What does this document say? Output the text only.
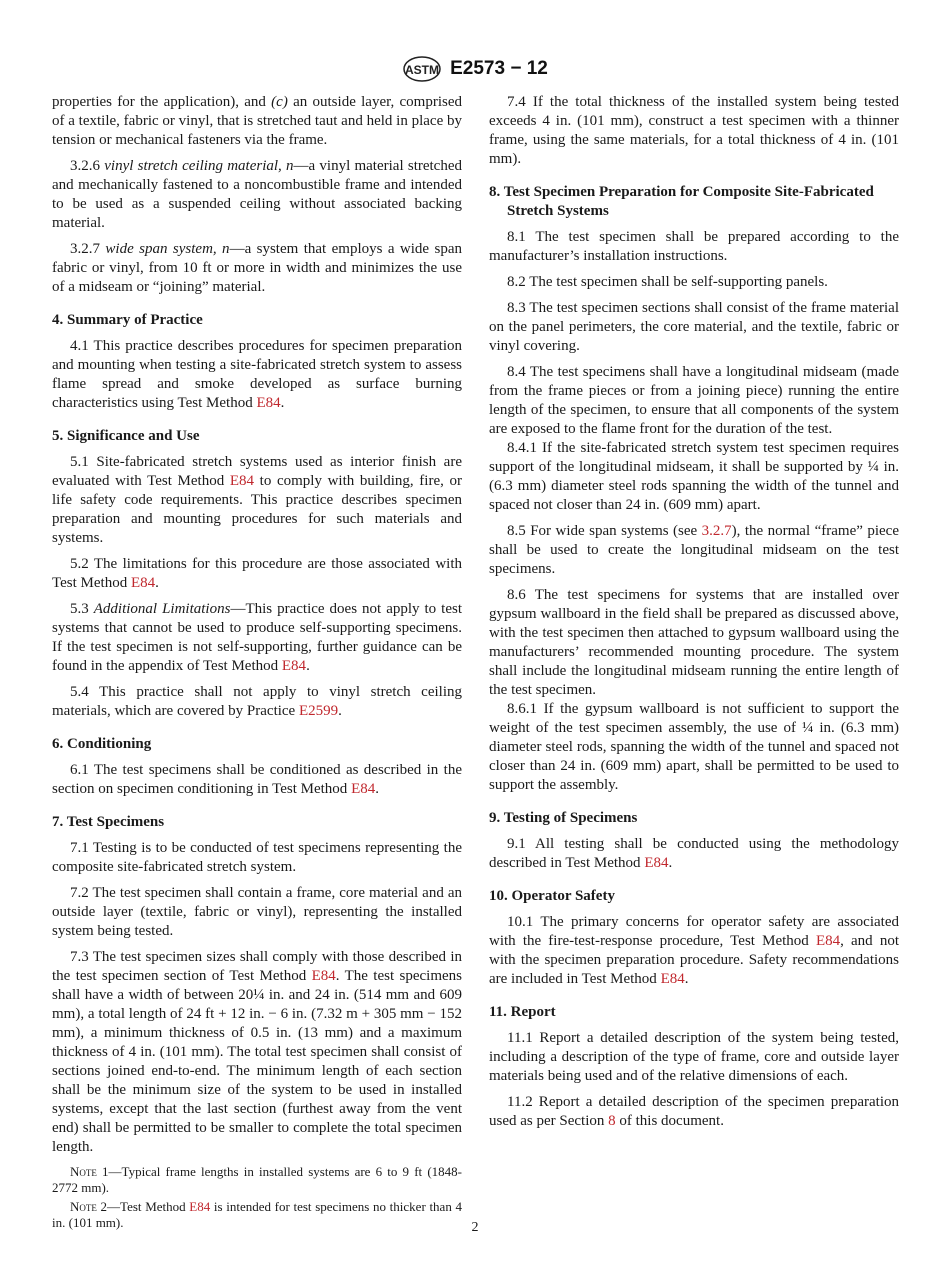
ASTM E2573 − 12

properties for the application), and (c) an outside layer, comprised of a textile, fabric or vinyl, that is stretched taut and held in place by tension or mechanical fasteners via the frame.

3.2.6 vinyl stretch ceiling material, n—a vinyl material stretched and mechanically fastened to a noncombustible frame and intended to be used as a suspended ceiling without associated backing material.

3.2.7 wide span system, n—a system that employs a wide span fabric or vinyl, from 10 ft or more in width and minimizes the use of a midseam or “joining” material.

4. Summary of Practice

4.1 This practice describes procedures for specimen preparation and mounting when testing a site-fabricated stretch system to assess flame spread and smoke developed as surface burning characteristics using Test Method E84.

5. Significance and Use

5.1 Site-fabricated stretch systems used as interior finish are evaluated with Test Method E84 to comply with building, fire, or life safety code requirements. This practice describes specimen preparation and mounting procedures for such materials and systems.

5.2 The limitations for this procedure are those associated with Test Method E84.

5.3 Additional Limitations—This practice does not apply to test systems that cannot be used to produce self-supporting specimens. If the test specimen is not self-supporting, further guidance can be found in the appendix of Test Method E84.

5.4 This practice shall not apply to vinyl stretch ceiling materials, which are covered by Practice E2599.

6. Conditioning

6.1 The test specimens shall be conditioned as described in the section on specimen conditioning in Test Method E84.

7. Test Specimens

7.1 Testing is to be conducted of test specimens representing the composite site-fabricated stretch system.

7.2 The test specimen shall contain a frame, core material and an outside layer (textile, fabric or vinyl), representing the installed system being tested.

7.3 The test specimen sizes shall comply with those described in the test specimen section of Test Method E84. The test specimens shall have a width of between 20¼ in. and 24 in. (514 mm and 609 mm), a total length of 24 ft + 12 in. − 6 in. (7.32 m + 305 mm − 152 mm), a minimum thickness of 0.5 in. (13 mm) and a maximum thickness of 4 in. (101 mm). The total test specimen shall consist of sections joined end-to-end. The minimum length of each section shall be the minimum size of the system to be used in installed systems, except that the last section (furthest away from the vent end) shall be permitted to be smaller to complete the total specimen length.

Note 1—Typical frame lengths in installed systems are 6 to 9 ft (1848-2772 mm).

Note 2—Test Method E84 is intended for test specimens no thicker than 4 in. (101 mm).

7.4 If the total thickness of the installed system being tested exceeds 4 in. (101 mm), construct a test specimen with a thinner frame, using the same materials, for a total thickness of 4 in. (101 mm).

8. Test Specimen Preparation for Composite Site-Fabricated Stretch Systems

8.1 The test specimen shall be prepared according to the manufacturer’s installation instructions.

8.2 The test specimen shall be self-supporting panels.

8.3 The test specimen sections shall consist of the frame material on the panel perimeters, the core material, and the textile, fabric or vinyl covering.

8.4 The test specimens shall have a longitudinal midseam (made from the frame pieces or from a joining piece) running the entire length of the specimen, to ensure that all components of the system are exposed to the flame front for the duration of the test.

8.4.1 If the site-fabricated stretch system test specimen requires support of the longitudinal midseam, it shall be supported by ¼ in. (6.3 mm) diameter steel rods spanning the width of the tunnel and spaced not closer than 24 in. (609 mm) apart.

8.5 For wide span systems (see 3.2.7), the normal “frame” piece shall be used to create the longitudinal midseam on the test specimens.

8.6 The test specimens for systems that are installed over gypsum wallboard in the field shall be prepared as discussed above, with the test specimen then attached to gypsum wallboard using the manufacturers’ recommended mounting procedure. The system shall include the longitudinal midseam running the entire length of the test specimen.

8.6.1 If the gypsum wallboard is not sufficient to support the weight of the test specimen assembly, the use of ¼ in. (6.3 mm) diameter steel rods, spanning the width of the tunnel and spaced not closer than 24 in. (609 mm) apart, shall be permitted to be used to support the assembly.

9. Testing of Specimens

9.1 All testing shall be conducted using the methodology described in Test Method E84.

10. Operator Safety

10.1 The primary concerns for operator safety are associated with the fire-test-response procedure, Test Method E84, and not with the specimen preparation procedure. Safety recommendations are included in Test Method E84.

11. Report

11.1 Report a detailed description of the system being tested, including a description of the type of frame, core and outside layer materials being used and of the relative dimensions of each.

11.2 Report a detailed description of the specimen preparation used as per Section 8 of this document.

2
